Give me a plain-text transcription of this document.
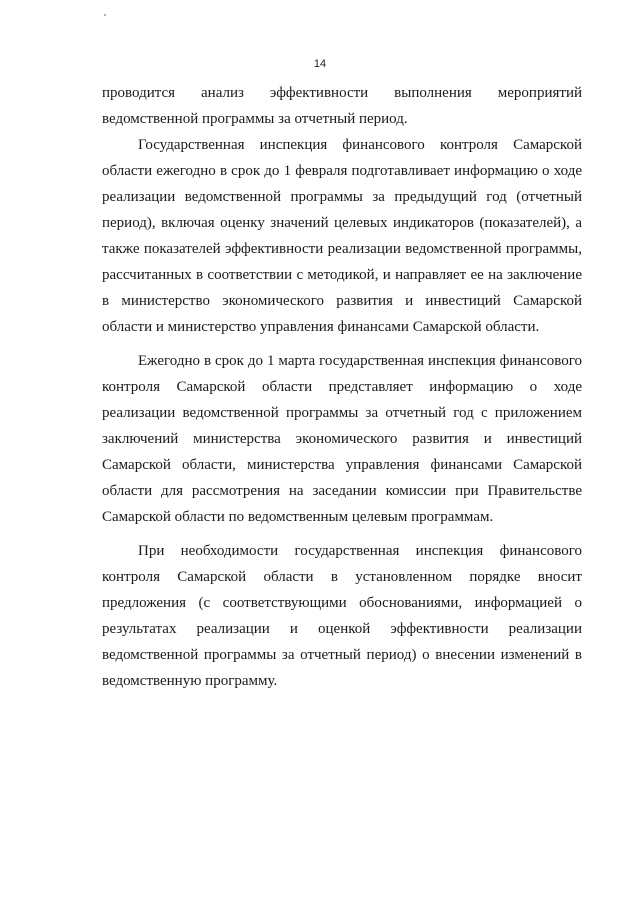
14

проводится анализ эффективности выполнения мероприятий ведомственной программы за отчетный период.

Государственная инспекция финансового контроля Самарской области ежегодно в срок до 1 февраля подготавливает информацию о ходе реализации ведомственной программы за предыдущий год (отчетный период), включая оценку значений целевых индикаторов (показателей), а также показателей эффективности реализации ведомственной программы, рассчитанных в соответствии с методикой, и направляет ее на заключение в министерство экономического развития и инвестиций Самарской области и министерство управления финансами Самарской области.

Ежегодно в срок до 1 марта государственная инспекция финансового контроля Самарской области представляет информацию о ходе реализации ведомственной программы за отчетный год с приложением заключений министерства экономического развития и инвестиций Самарской области, министерства управления финансами Самарской области для рассмотрения на заседании комиссии при Правительстве Самарской области по ведомственным целевым программам.

При необходимости государственная инспекция финансового контроля Самарской области в установленном порядке вносит предложения (с соответствующими обоснованиями, информацией о результатах реализации и оценкой эффективности реализации ведомственной программы за отчетный период) о внесении изменений в ведомственную программу.
